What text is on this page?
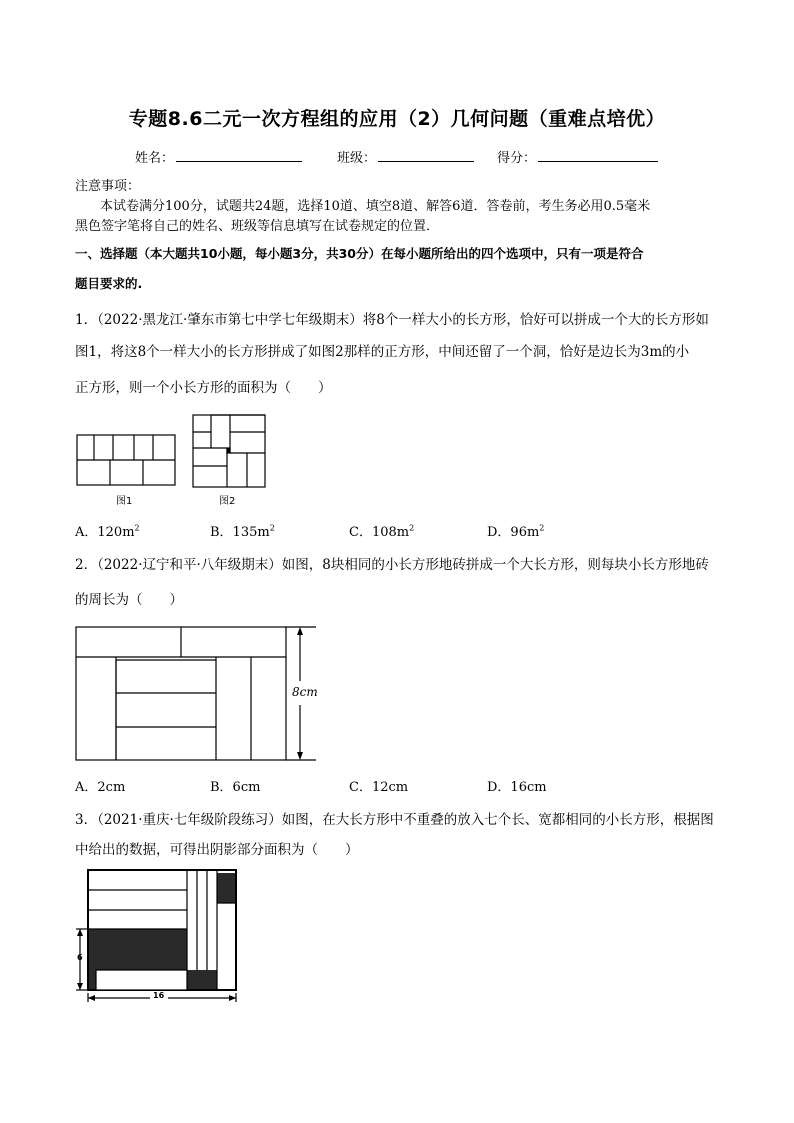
专题8.6二元一次方程组的应用（2）几何问题（重难点培优）
姓名：	班级：	得分：
注意事项：
本试卷满分100分，试题共24题，选择10道、填空8道、解答6道．答卷前，考生务必用0.5毫米
黑色签字笔将自己的姓名、班级等信息填写在试卷规定的位置．
一、选择题（本大题共10小题，每小题3分，共30分）在每小题所给出的四个选项中，只有一项是符合
题目要求的.
1．（2022·黑龙江·肇东市第七中学七年级期末）将8个一样大小的长方形，恰好可以拼成一个大的长方形如
图1，将这8个一样大小的长方形拼成了如图2那样的正方形，中间还留了一个洞，恰好是边长为3m的小
正方形，则一个小长方形的面积为（　　）
图1	图2
A．$120m^2$	B．$135m^2$	C．$108m^2$	D．$96m^2$
2．（2022·辽宁和平·八年级期末）如图，8块相同的小长方形地砖拼成一个大长方形，则每块小长方形地砖
的周长为（　　）
8cm
A．2cm	B．6cm	C．12cm	D．16cm
3．（2021·重庆·七年级阶段练习）如图，在大长方形中不重叠的放入七个长、宽都相同的小长方形，根据图
中给出的数据，可得出阴影部分面积为（　　）
6
16
